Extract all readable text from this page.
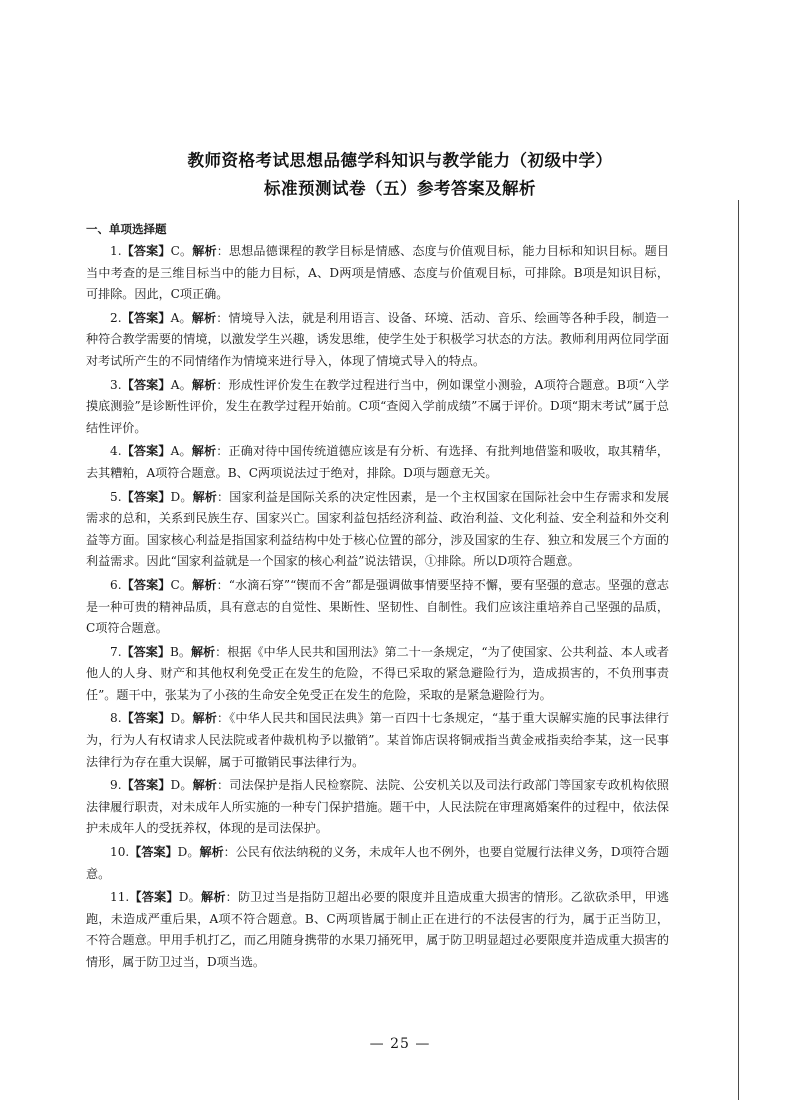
教师资格考试思想品德学科知识与教学能力（初级中学）
标准预测试卷（五）参考答案及解析
一、单项选择题

1.【答案】C。解析：思想品德课程的教学目标是情感、态度与价值观目标，能力目标和知识目标。题目当中考查的是三维目标当中的能力目标，A、D两项是情感、态度与价值观目标，可排除。B项是知识目标，可排除。因此，C项正确。

2.【答案】A。解析：情境导入法，就是利用语言、设备、环境、活动、音乐、绘画等各种手段，制造一种符合教学需要的情境，以激发学生兴趣，诱发思维，使学生处于积极学习状态的方法。教师利用两位同学面对考试所产生的不同情绪作为情境来进行导入，体现了情境式导入的特点。

3.【答案】A。解析：形成性评价发生在教学过程进行当中，例如课堂小测验，A项符合题意。B项“入学摸底测验”是诊断性评价，发生在教学过程开始前。C项“查阅入学前成绩”不属于评价。D项“期末考试”属于总结性评价。

4.【答案】A。解析：正确对待中国传统道德应该是有分析、有选择、有批判地借鉴和吸收，取其精华，去其糟粕，A项符合题意。B、C两项说法过于绝对，排除。D项与题意无关。

5.【答案】D。解析：国家利益是国际关系的决定性因素，是一个主权国家在国际社会中生存需求和发展需求的总和，关系到民族生存、国家兴亡。国家利益包括经济利益、政治利益、文化利益、安全利益和外交利益等方面。国家核心利益是指国家利益结构中处于核心位置的部分，涉及国家的生存、独立和发展三个方面的利益需求。因此“国家利益就是一个国家的核心利益”说法错误，①排除。所以D项符合题意。

6.【答案】C。解析：“水滴石穿”“锲而不舍”都是强调做事情要坚持不懈，要有坚强的意志。坚强的意志是一种可贵的精神品质，具有意志的自觉性、果断性、坚韧性、自制性。我们应该注重培养自己坚强的品质，C项符合题意。

7.【答案】B。解析：根据《中华人民共和国刑法》第二十一条规定，“为了使国家、公共利益、本人或者他人的人身、财产和其他权利免受正在发生的危险，不得已采取的紧急避险行为，造成损害的，不负刑事责任”。题干中，张某为了小孩的生命安全免受正在发生的危险，采取的是紧急避险行为。

8.【答案】D。解析：《中华人民共和国民法典》第一百四十七条规定，“基于重大误解实施的民事法律行为，行为人有权请求人民法院或者仲裁机构予以撤销”。某首饰店误将铜戒指当黄金戒指卖给李某，这一民事法律行为存在重大误解，属于可撤销民事法律行为。

9.【答案】D。解析：司法保护是指人民检察院、法院、公安机关以及司法行政部门等国家专政机构依照法律履行职责，对未成年人所实施的一种专门保护措施。题干中，人民法院在审理离婚案件的过程中，依法保护未成年人的受抚养权，体现的是司法保护。

10.【答案】D。解析：公民有依法纳税的义务，未成年人也不例外，也要自觉履行法律义务，D项符合题意。

11.【答案】D。解析：防卫过当是指防卫超出必要的限度并且造成重大损害的情形。乙欲砍杀甲，甲逃跑，未造成严重后果，A项不符合题意。B、C两项皆属于制止正在进行的不法侵害的行为，属于正当防卫，不符合题意。甲用手机打乙，而乙用随身携带的水果刀捅死甲，属于防卫明显超过必要限度并造成重大损害的情形，属于防卫过当，D项当选。

— 25 —
